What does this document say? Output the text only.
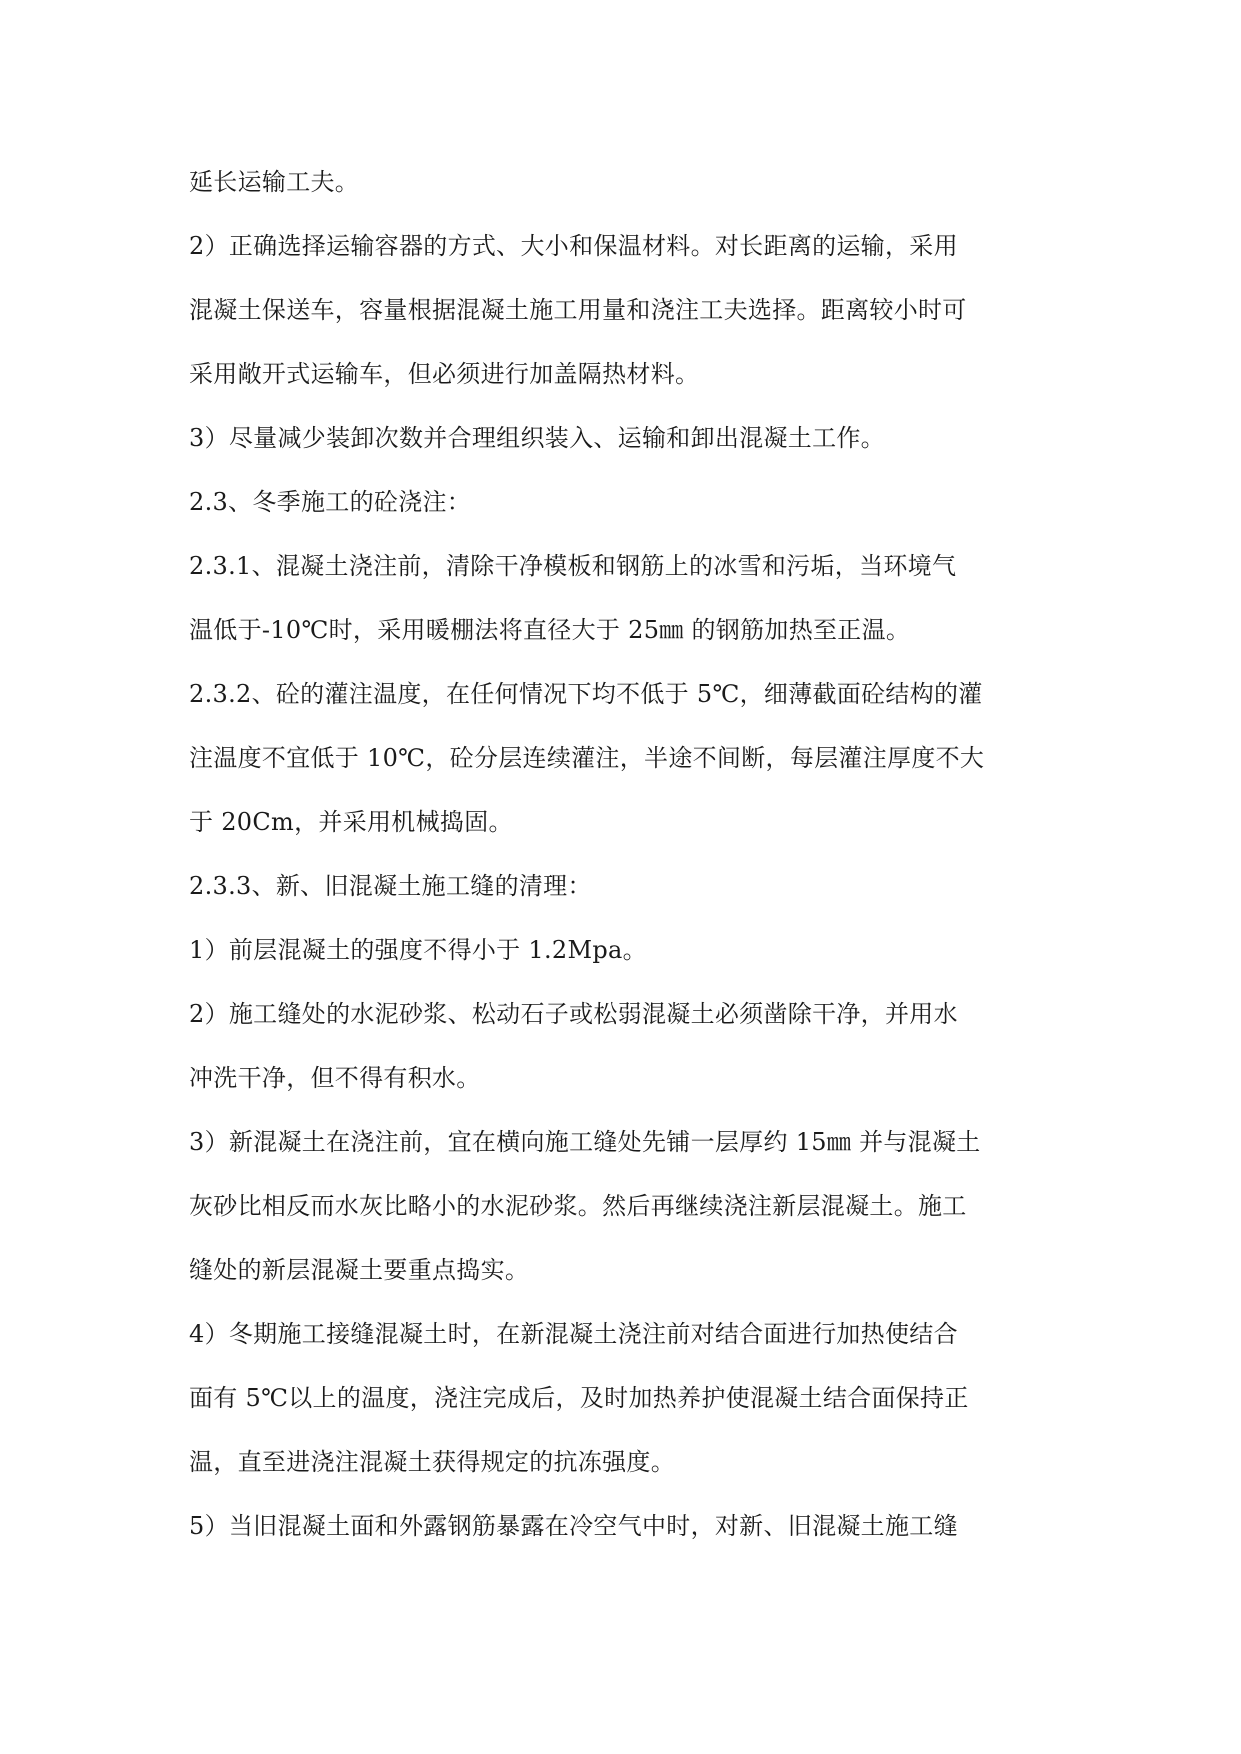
延长运输工夫。
2）正确选择运输容器的方式、大小和保温材料。对长距离的运输，采用
混凝土保送车，容量根据混凝土施工用量和浇注工夫选择。距离较小时可
采用敞开式运输车，但必须进行加盖隔热材料。
3）尽量减少装卸次数并合理组织装入、运输和卸出混凝土工作。
2.3、冬季施工的砼浇注：
2.3.1、混凝土浇注前，清除干净模板和钢筋上的冰雪和污垢，当环境气
温低于-10℃时，采用暖棚法将直径大于 25㎜ 的钢筋加热至正温。
2.3.2、砼的灌注温度，在任何情况下均不低于 5℃，细薄截面砼结构的灌
注温度不宜低于 10℃，砼分层连续灌注，半途不间断，每层灌注厚度不大
于 20Cm，并采用机械捣固。
2.3.3、新、旧混凝土施工缝的清理：
1）前层混凝土的强度不得小于 1.2Mpa。
2）施工缝处的水泥砂浆、松动石子或松弱混凝土必须凿除干净，并用水
冲洗干净，但不得有积水。
3）新混凝土在浇注前，宜在横向施工缝处先铺一层厚约 15㎜ 并与混凝土
灰砂比相反而水灰比略小的水泥砂浆。然后再继续浇注新层混凝土。施工
缝处的新层混凝土要重点捣实。
4）冬期施工接缝混凝土时，在新混凝土浇注前对结合面进行加热使结合
面有 5℃以上的温度，浇注完成后，及时加热养护使混凝土结合面保持正
温，直至进浇注混凝土获得规定的抗冻强度。
5）当旧混凝土面和外露钢筋暴露在冷空气中时，对新、旧混凝土施工缝
